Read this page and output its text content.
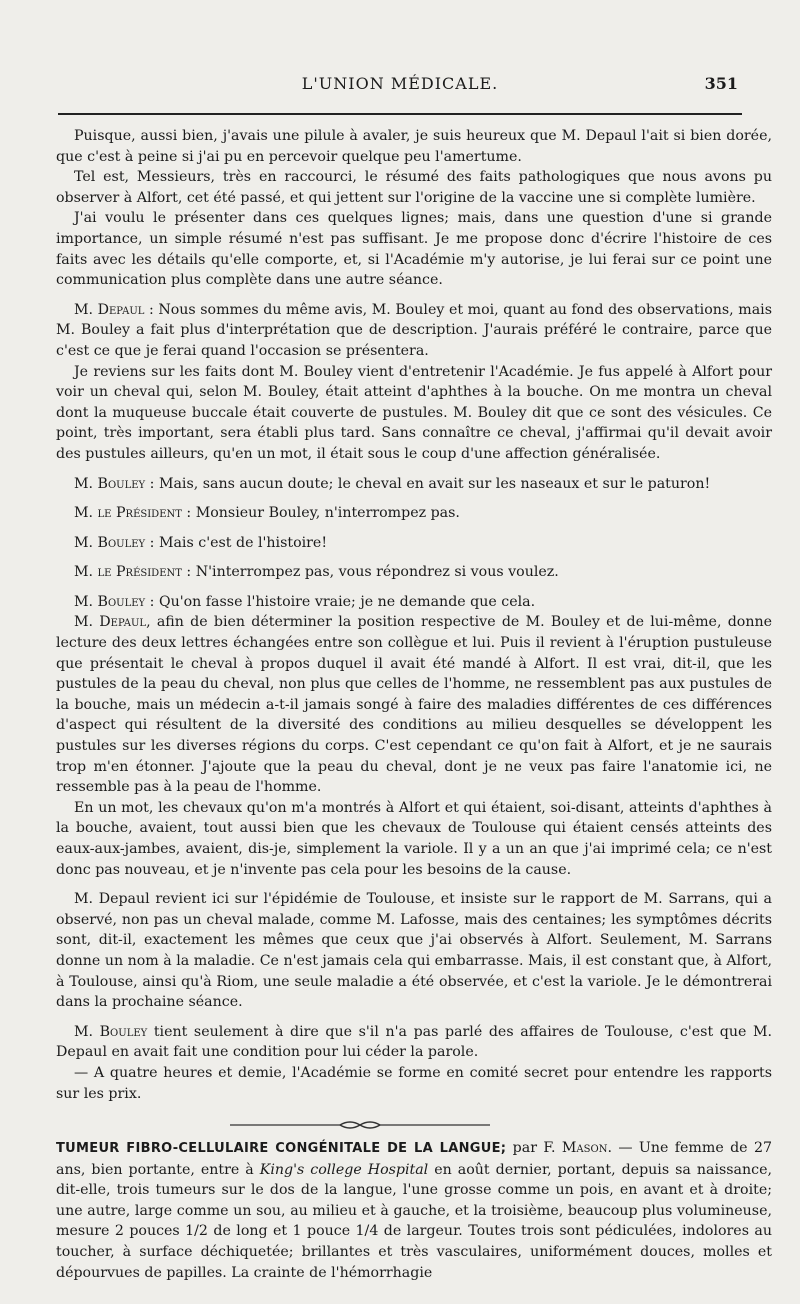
L'UNION MÉDICALE.	351

Puisque, aussi bien, j'avais une pilule à avaler, je suis heureux que M. Depaul l'ait si bien dorée, que c'est à peine si j'ai pu en percevoir quelque peu l'amertume.

Tel est, Messieurs, très en raccourci, le résumé des faits pathologiques que nous avons pu observer à Alfort, cet été passé, et qui jettent sur l'origine de la vaccine une si complète lumière.

J'ai voulu le présenter dans ces quelques lignes; mais, dans une question d'une si grande importance, un simple résumé n'est pas suffisant. Je me propose donc d'écrire l'histoire de ces faits avec les détails qu'elle comporte, et, si l'Académie m'y autorise, je lui ferai sur ce point une communication plus complète dans une autre séance.

M. Depaul : Nous sommes du même avis, M. Bouley et moi, quant au fond des observations, mais M. Bouley a fait plus d'interprétation que de description. J'aurais préféré le contraire, parce que c'est ce que je ferai quand l'occasion se présentera.

Je reviens sur les faits dont M. Bouley vient d'entretenir l'Académie. Je fus appelé à Alfort pour voir un cheval qui, selon M. Bouley, était atteint d'aphthes à la bouche. On me montra un cheval dont la muqueuse buccale était couverte de pustules. M. Bouley dit que ce sont des vésicules. Ce point, très important, sera établi plus tard. Sans connaître ce cheval, j'affirmai qu'il devait avoir des pustules ailleurs, qu'en un mot, il était sous le coup d'une affection généralisée.

M. Bouley : Mais, sans aucun doute; le cheval en avait sur les naseaux et sur le paturon!

M. le Président : Monsieur Bouley, n'interrompez pas.

M. Bouley : Mais c'est de l'histoire!

M. le Président : N'interrompez pas, vous répondrez si vous voulez.

M. Bouley : Qu'on fasse l'histoire vraie; je ne demande que cela.

M. Depaul, afin de bien déterminer la position respective de M. Bouley et de lui-même, donne lecture des deux lettres échangées entre son collègue et lui. Puis il revient à l'éruption pustuleuse que présentait le cheval à propos duquel il avait été mandé à Alfort. Il est vrai, dit-il, que les pustules de la peau du cheval, non plus que celles de l'homme, ne ressemblent pas aux pustules de la bouche, mais un médecin a-t-il jamais songé à faire des maladies différentes de ces différences d'aspect qui résultent de la diversité des conditions au milieu desquelles se développent les pustules sur les diverses régions du corps. C'est cependant ce qu'on fait à Alfort, et je ne saurais trop m'en étonner. J'ajoute que la peau du cheval, dont je ne veux pas faire l'anatomie ici, ne ressemble pas à la peau de l'homme.

En un mot, les chevaux qu'on m'a montrés à Alfort et qui étaient, soi-disant, atteints d'aphthes à la bouche, avaient, tout aussi bien que les chevaux de Toulouse qui étaient censés atteints des eaux-aux-jambes, avaient, dis-je, simplement la variole. Il y a un an que j'ai imprimé cela; ce n'est donc pas nouveau, et je n'invente pas cela pour les besoins de la cause.

M. Depaul revient ici sur l'épidémie de Toulouse, et insiste sur le rapport de M. Sarrans, qui a observé, non pas un cheval malade, comme M. Lafosse, mais des centaines; les symptômes décrits sont, dit-il, exactement les mêmes que ceux que j'ai observés à Alfort. Seulement, M. Sarrans donne un nom à la maladie. Ce n'est jamais cela qui embarrasse. Mais, il est constant que, à Alfort, à Toulouse, ainsi qu'à Riom, une seule maladie a été observée, et c'est la variole. Je le démontrerai dans la prochaine séance.

M. Bouley tient seulement à dire que s'il n'a pas parlé des affaires de Toulouse, c'est que M. Depaul en avait fait une condition pour lui céder la parole.

— A quatre heures et demie, l'Académie se forme en comité secret pour entendre les rapports sur les prix.

TUMEUR FIBRO-CELLULAIRE CONGÉNITALE DE LA LANGUE; par F. Mason. — Une femme de 27 ans, bien portante, entre à King's college Hospital en août dernier, portant, depuis sa naissance, dit-elle, trois tumeurs sur le dos de la langue, l'une grosse comme un pois, en avant et à droite; une autre, large comme un sou, au milieu et à gauche, et la troisième, beaucoup plus volumineuse, mesure 2 pouces 1/2 de long et 1 pouce 1/4 de largeur. Toutes trois sont pédiculées, indolores au toucher, à surface déchiquetée; brillantes et très vasculaires, uniformément douces, molles et dépourvues de papilles. La crainte de l'hémorrhagie
